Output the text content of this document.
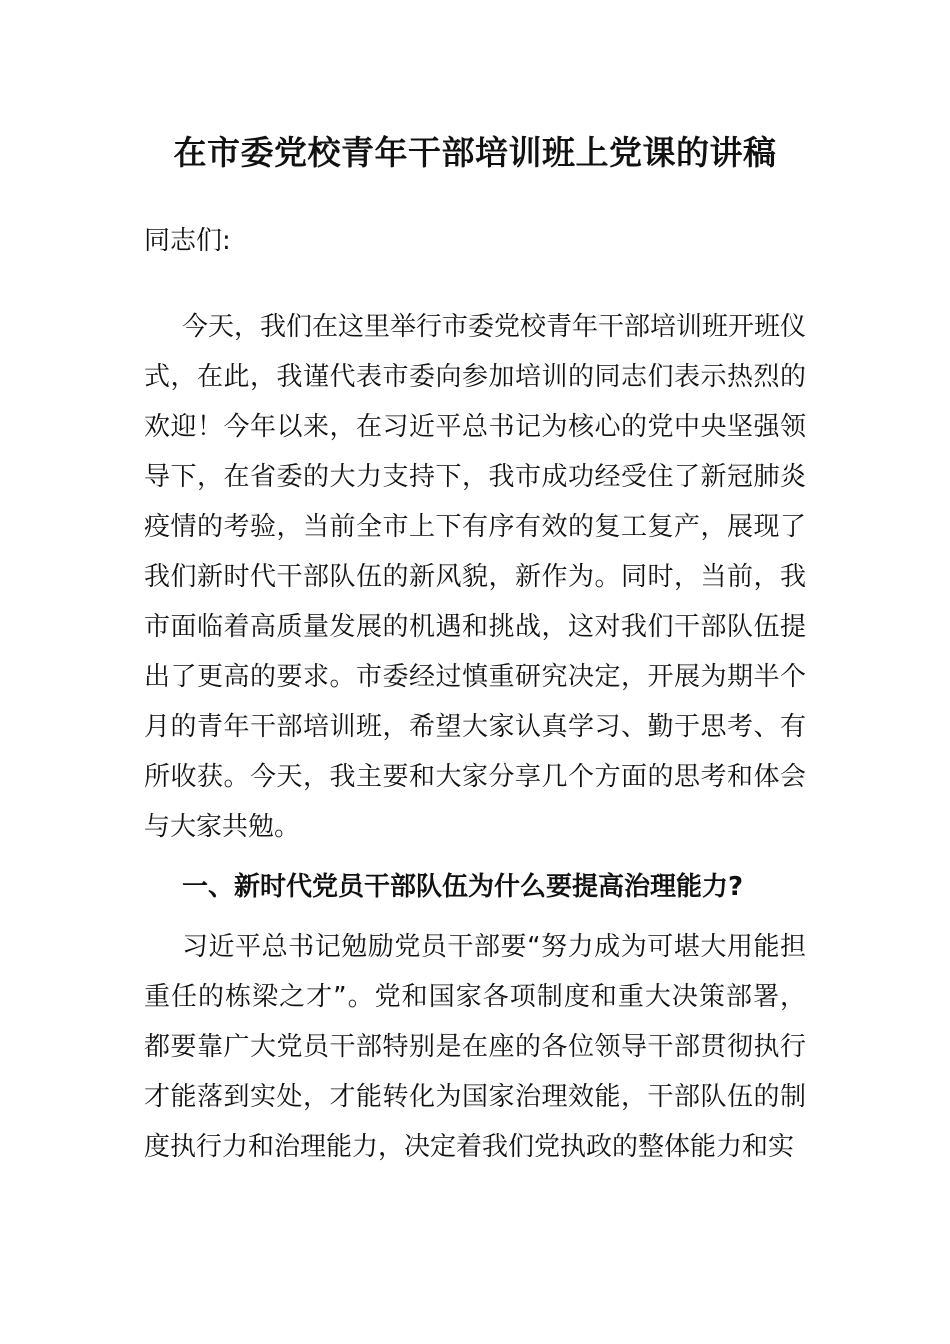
在市委党校青年干部培训班上党课的讲稿

同志们:

今天，我们在这里举行市委党校青年干部培训班开班仪式，在此，我谨代表市委向参加培训的同志们表示热烈的欢迎！今年以来，在习近平总书记为核心的党中央坚强领导下，在省委的大力支持下，我市成功经受住了新冠肺炎疫情的考验，当前全市上下有序有效的复工复产，展现了我们新时代干部队伍的新风貌，新作为。同时，当前，我市面临着高质量发展的机遇和挑战，这对我们干部队伍提出了更高的要求。市委经过慎重研究决定，开展为期半个月的青年干部培训班，希望大家认真学习、勤于思考、有所收获。今天，我主要和大家分享几个方面的思考和体会与大家共勉。

一、新时代党员干部队伍为什么要提高治理能力?

习近平总书记勉励党员干部要“努力成为可堪大用能担重任的栋梁之才”。党和国家各项制度和重大决策部署，都要靠广大党员干部特别是在座的各位领导干部贯彻执行才能落到实处，才能转化为国家治理效能，干部队伍的制度执行力和治理能力，决定着我们党执政的整体能力和实
